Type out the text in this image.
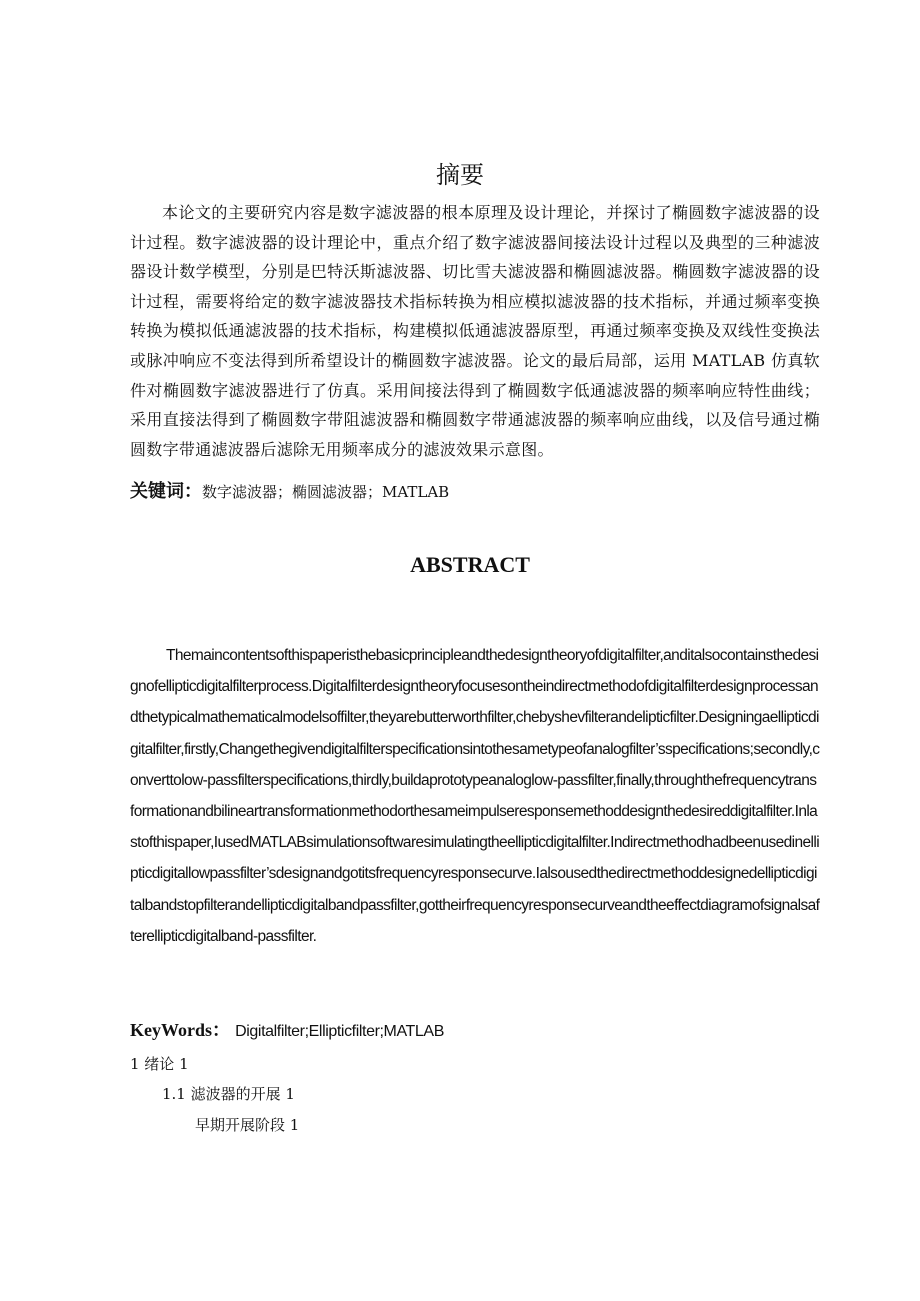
摘要

本论文的主要研究内容是数字滤波器的根本原理及设计理论，并探讨了椭圆数字滤波器的设计过程。数字滤波器的设计理论中，重点介绍了数字滤波器间接法设计过程以及典型的三种滤波器设计数学模型，分别是巴特沃斯滤波器、切比雪夫滤波器和椭圆滤波器。椭圆数字滤波器的设计过程，需要将给定的数字滤波器技术指标转换为相应模拟滤波器的技术指标，并通过频率变换转换为模拟低通滤波器的技术指标，构建模拟低通滤波器原型，再通过频率变换及双线性变换法或脉冲响应不变法得到所希望设计的椭圆数字滤波器。论文的最后局部，运用 MATLAB 仿真软件对椭圆数字滤波器进行了仿真。采用间接法得到了椭圆数字低通滤波器的频率响应特性曲线；采用直接法得到了椭圆数字带阻滤波器和椭圆数字带通滤波器的频率响应曲线，以及信号通过椭圆数字带通滤波器后滤除无用频率成分的滤波效果示意图。

关键词：数字滤波器；椭圆滤波器；MATLAB
ABSTRACT

Themaincontentsofthispaperisthebasicprincipleandthedesigntheoryofdigitalfilter,anditalsocontainsthedesignofellipticdigitalfilterprocess.Digitalfilterdesigntheoryfocusesontheindirectmethodofdigitalfilterdesignprocessandthetypicalmathematicalmodelsoffilter,theyarebutterworthfilter,chebyshevfilterandelipticfilter.Designingaellipticdigitalfilter,firstly,Changethegivendigitalfilterspecificationsintothesametypeofanalogfilter’sspecifications;secondly,converttolow-passfilterspecifications,thirdly,buildaprototypeanaloglow-passfilter,finally,throughthefrequencytransformationandbilineartransformationmethodorthesameimpulseresponsemethoddesignthedesireddigitalfilter.Inlastofthispaper,IusedMATLABsimulationsoftwaresimulatingtheellipticdigitalfilter.Indirectmethodhadbeenusedinellipticdigitallowpassfilter’sdesignandgotitsfrequencyresponsecurve.Ialsousedthedirectmethoddesignedellipticdigitalbandstopfilterandellipticdigitalbandpassfilter,gottheirfrequencyresponsecurveandtheeffectdiagramofsignalsafterellipticdigitalband-passfilter.

KeyWords： Digitalfilter;Ellipticfilter;MATLAB
1 绪论 1
1.1 滤波器的开展 1
早期开展阶段 1
